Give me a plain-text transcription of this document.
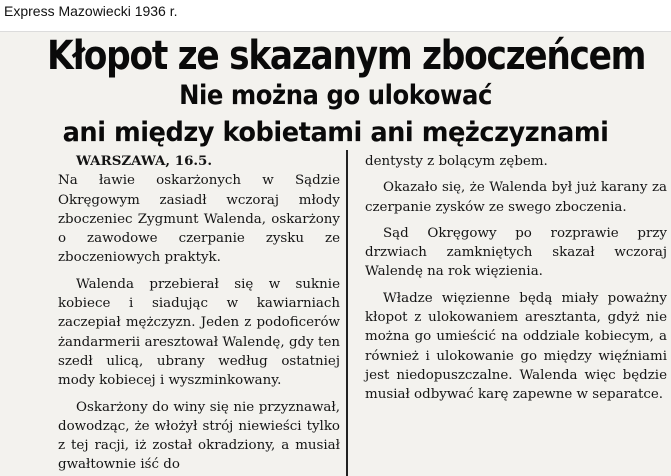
Express Mazowiecki 1936 r.
Kłopot ze skazanym zboczeńcem
Nie można go ulokować
ani między kobietami ani mężczyznami

WARSZAWA, 16.5.
Na ławie oskarżonych w Sądzie Okręgowym zasiadł wczoraj młody zboczeniec Zygmunt Walenda, oskarżony o zawodowe czerpanie zysku ze zboczeniowych praktyk.

Walenda przebierał się w suknie kobiece i siadując w kawiarniach zaczepiał mężczyzn. Jeden z podoficerów żandarmerii aresztował Walendę, gdy ten szedł ulicą, ubrany według ostatniej mody kobiecej i wyszminkowany.

Oskarżony do winy się nie przyznawał, dowodząc, że włożył strój niewieści tylko z tej racji, iż został okradziony, a musiał gwałtownie iść do

dentysty z bolącym zębem.

Okazało się, że Walenda był już karany za czerpanie zysków ze swego zboczenia.

Sąd Okręgowy po rozprawie przy drzwiach zamkniętych skazał wczoraj Walendę na rok więzienia.

Władze więzienne będą miały poważny kłopot z ulokowaniem aresztanta, gdyż nie można go umieścić na oddziale kobiecym, a również i ulokowanie go między więźniami jest niedopuszczalne. Walenda więc będzie musiał odbywać karę zapewne w separatce.
